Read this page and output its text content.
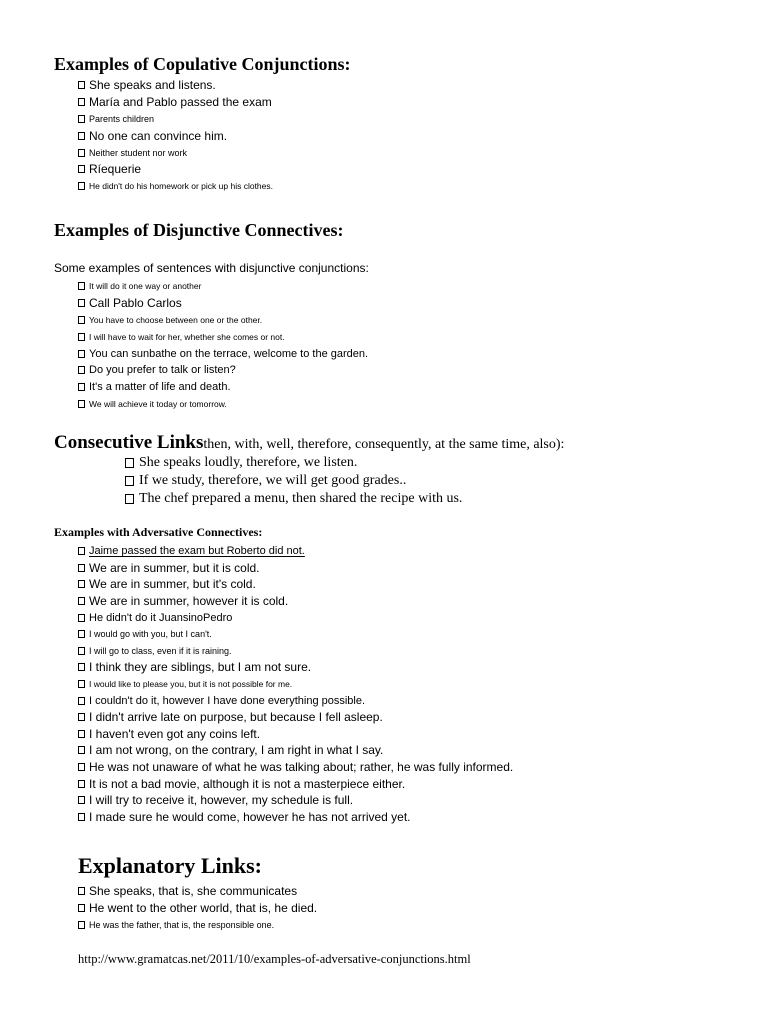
Examples of Copulative Conjunctions:
She speaks and listens.
María and Pablo passed the exam
Parents children
No one can convince him.
Neither student nor work
Ríequerie
He didn't do his homework or pick up his clothes.
Examples of Disjunctive Connectives:
Some examples of sentences with disjunctive conjunctions:
It will do it one way or another
Call Pablo Carlos
You have to choose between one or the other.
I will have to wait for her, whether she comes or not.
You can sunbathe on the terrace, welcome to the garden.
Do you prefer to talk or listen?
It's a matter of life and death.
We will achieve it today or tomorrow.
Consecutive Linksthen, with, well, therefore, consequently, at the same time, also):
She speaks loudly, therefore, we listen.
If we study, therefore, we will get good grades..
The chef prepared a menu, then shared the recipe with us.
Examples with Adversative Connectives:
Jaime passed the exam but Roberto did not.
We are in summer, but it is cold.
We are in summer, but it's cold.
We are in summer, however it is cold.
He didn't do it JuansinoPedro
I would go with you, but I can't.
I will go to class, even if it is raining.
I think they are siblings, but I am not sure.
I would like to please you, but it is not possible for me.
I couldn't do it, however I have done everything possible.
I didn't arrive late on purpose, but because I fell asleep.
I haven't even got any coins left.
I am not wrong, on the contrary, I am right in what I say.
He was not unaware of what he was talking about; rather, he was fully informed.
It is not a bad movie, although it is not a masterpiece either.
I will try to receive it, however, my schedule is full.
I made sure he would come, however he has not arrived yet.
Explanatory Links:
She speaks, that is, she communicates
He went to the other world, that is, he died.
He was the father, that is, the responsible one.
http://www.gramatcas.net/2011/10/examples-of-adversative-conjunctions.html
